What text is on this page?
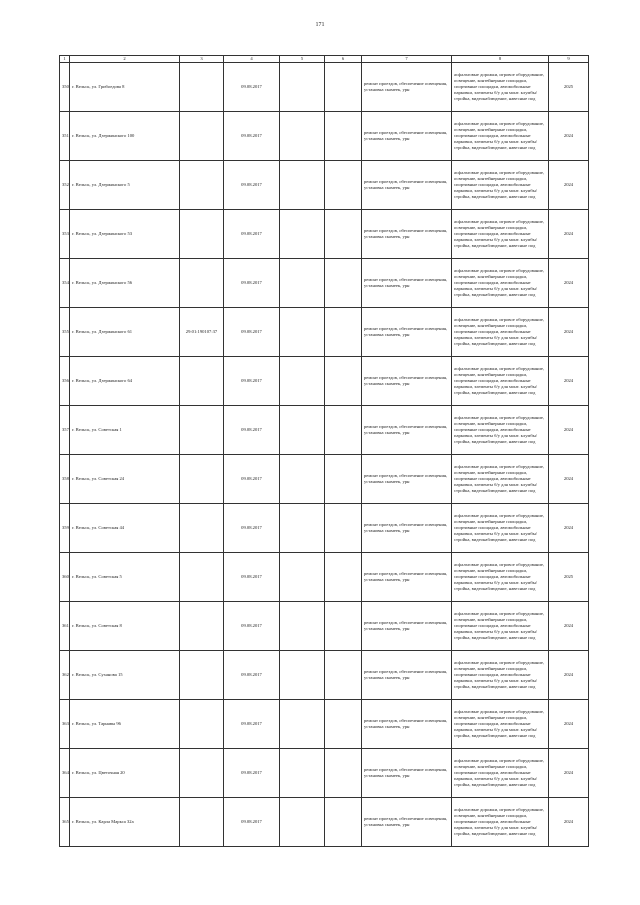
171
1	2	3	4	5	6	7	8	9
350	г. Вельск, ул. Грибоедова 8		09.08.2017			ремонт проездов, обеспечение освещения, установка скамеек, урн	асфальтовые дорожки, игровое оборудование, освещение, контейнерные площадки, спортивные площадки, автомобильные парковки, элементы б/у для монт. клумбы/стройка, видеонаблюдение, навесные под	2025
351	г. Вельск, ул. Дзержинского 100		09.08.2017			ремонт проездов, обеспечение освещения, установка скамеек, урн	асфальтовые дорожки, игровое оборудование, освещение, контейнерные площадки, спортивные площадки, автомобильные парковки, элементы б/у для монт. клумбы/стройка, видеонаблюдение, навесные под	2024
352	г. Вельск, ул. Дзержинского 5		09.08.2017			ремонт проездов, обеспечение освещения, установка скамеек, урн	асфальтовые дорожки, игровое оборудование, освещение, контейнерные площадки, спортивные площадки, автомобильные парковки, элементы б/у для монт. клумбы/стройка, видеонаблюдение, навесные под	2024
353	г. Вельск, ул. Дзержинского 53		09.08.2017			ремонт проездов, обеспечение освещения, установка скамеек, урн	асфальтовые дорожки, игровое оборудование, освещение, контейнерные площадки, спортивные площадки, автомобильные парковки, элементы б/у для монт. клумбы/стройка, видеонаблюдение, навесные под	2024
354	г. Вельск, ул. Дзержинского 56		09.08.2017			ремонт проездов, обеспечение освещения, установка скамеек, урн	асфальтовые дорожки, игровое оборудование, освещение, контейнерные площадки, спортивные площадки, автомобильные парковки, элементы б/у для монт. клумбы/стройка, видеонаблюдение, навесные под	2024
355	г. Вельск, ул. Дзержинского 61	29:01:190107:37	09.08.2017			ремонт проездов, обеспечение освещения, установка скамеек, урн	асфальтовые дорожки, игровое оборудование, освещение, контейнерные площадки, спортивные площадки, автомобильные парковки, элементы б/у для монт. клумбы/стройка, видеонаблюдение, навесные под	2024
356	г. Вельск, ул. Дзержинского 64		09.08.2017			ремонт проездов, обеспечение освещения, установка скамеек, урн	асфальтовые дорожки, игровое оборудование, освещение, контейнерные площадки, спортивные площадки, автомобильные парковки, элементы б/у для монт. клумбы/стройка, видеонаблюдение, навесные под	2024
357	г. Вельск, ул. Советская 1		09.08.2017			ремонт проездов, обеспечение освещения, установка скамеек, урн	асфальтовые дорожки, игровое оборудование, освещение, контейнерные площадки, спортивные площадки, автомобильные парковки, элементы б/у для монт. клумбы/стройка, видеонаблюдение, навесные под	2024
358	г. Вельск, ул. Советская 24		09.08.2017			ремонт проездов, обеспечение освещения, установка скамеек, урн	асфальтовые дорожки, игровое оборудование, освещение, контейнерные площадки, спортивные площадки, автомобильные парковки, элементы б/у для монт. клумбы/стройка, видеонаблюдение, навесные под	2024
359	г. Вельск, ул. Советская 44		09.08.2017			ремонт проездов, обеспечение освещения, установка скамеек, урн	асфальтовые дорожки, игровое оборудование, освещение, контейнерные площадки, спортивные площадки, автомобильные парковки, элементы б/у для монт. клумбы/стройка, видеонаблюдение, навесные под	2024
360	г. Вельск, ул. Советская 5		09.08.2017			ремонт проездов, обеспечение освещения, установка скамеек, урн	асфальтовые дорожки, игровое оборудование, освещение, контейнерные площадки, спортивные площадки, автомобильные парковки, элементы б/у для монт. клумбы/стройка, видеонаблюдение, навесные под	2025
361	г. Вельск, ул. Советская 8		09.08.2017			ремонт проездов, обеспечение освещения, установка скамеек, урн	асфальтовые дорожки, игровое оборудование, освещение, контейнерные площадки, спортивные площадки, автомобильные парковки, элементы б/у для монт. клумбы/стройка, видеонаблюдение, навесные под	2024
362	г. Вельск, ул. Суханова 15		09.08.2017			ремонт проездов, обеспечение освещения, установка скамеек, урн	асфальтовые дорожки, игровое оборудование, освещение, контейнерные площадки, спортивные площадки, автомобильные парковки, элементы б/у для монт. клумбы/стройка, видеонаблюдение, навесные под	2024
363	г. Вельск, ул. Тарнавы 96		09.08.2017			ремонт проездов, обеспечение освещения, установка скамеек, урн	асфальтовые дорожки, игровое оборудование, освещение, контейнерные площадки, спортивные площадки, автомобильные парковки, элементы б/у для монт. клумбы/стройка, видеонаблюдение, навесные под	2024
364	г. Вельск, ул. Цветочная 20		09.08.2017			ремонт проездов, обеспечение освещения, установка скамеек, урн	асфальтовые дорожки, игровое оборудование, освещение, контейнерные площадки, спортивные площадки, автомобильные парковки, элементы б/у для монт. клумбы/стройка, видеонаблюдение, навесные под	2024
365	г. Вельск, ул. Карла Маркса 32а		09.08.2017			ремонт проездов, обеспечение освещения, установка скамеек, урн	асфальтовые дорожки, игровое оборудование, освещение, контейнерные площадки, спортивные площадки, автомобильные парковки, элементы б/у для монт. клумбы/стройка, видеонаблюдение, навесные под	2024
